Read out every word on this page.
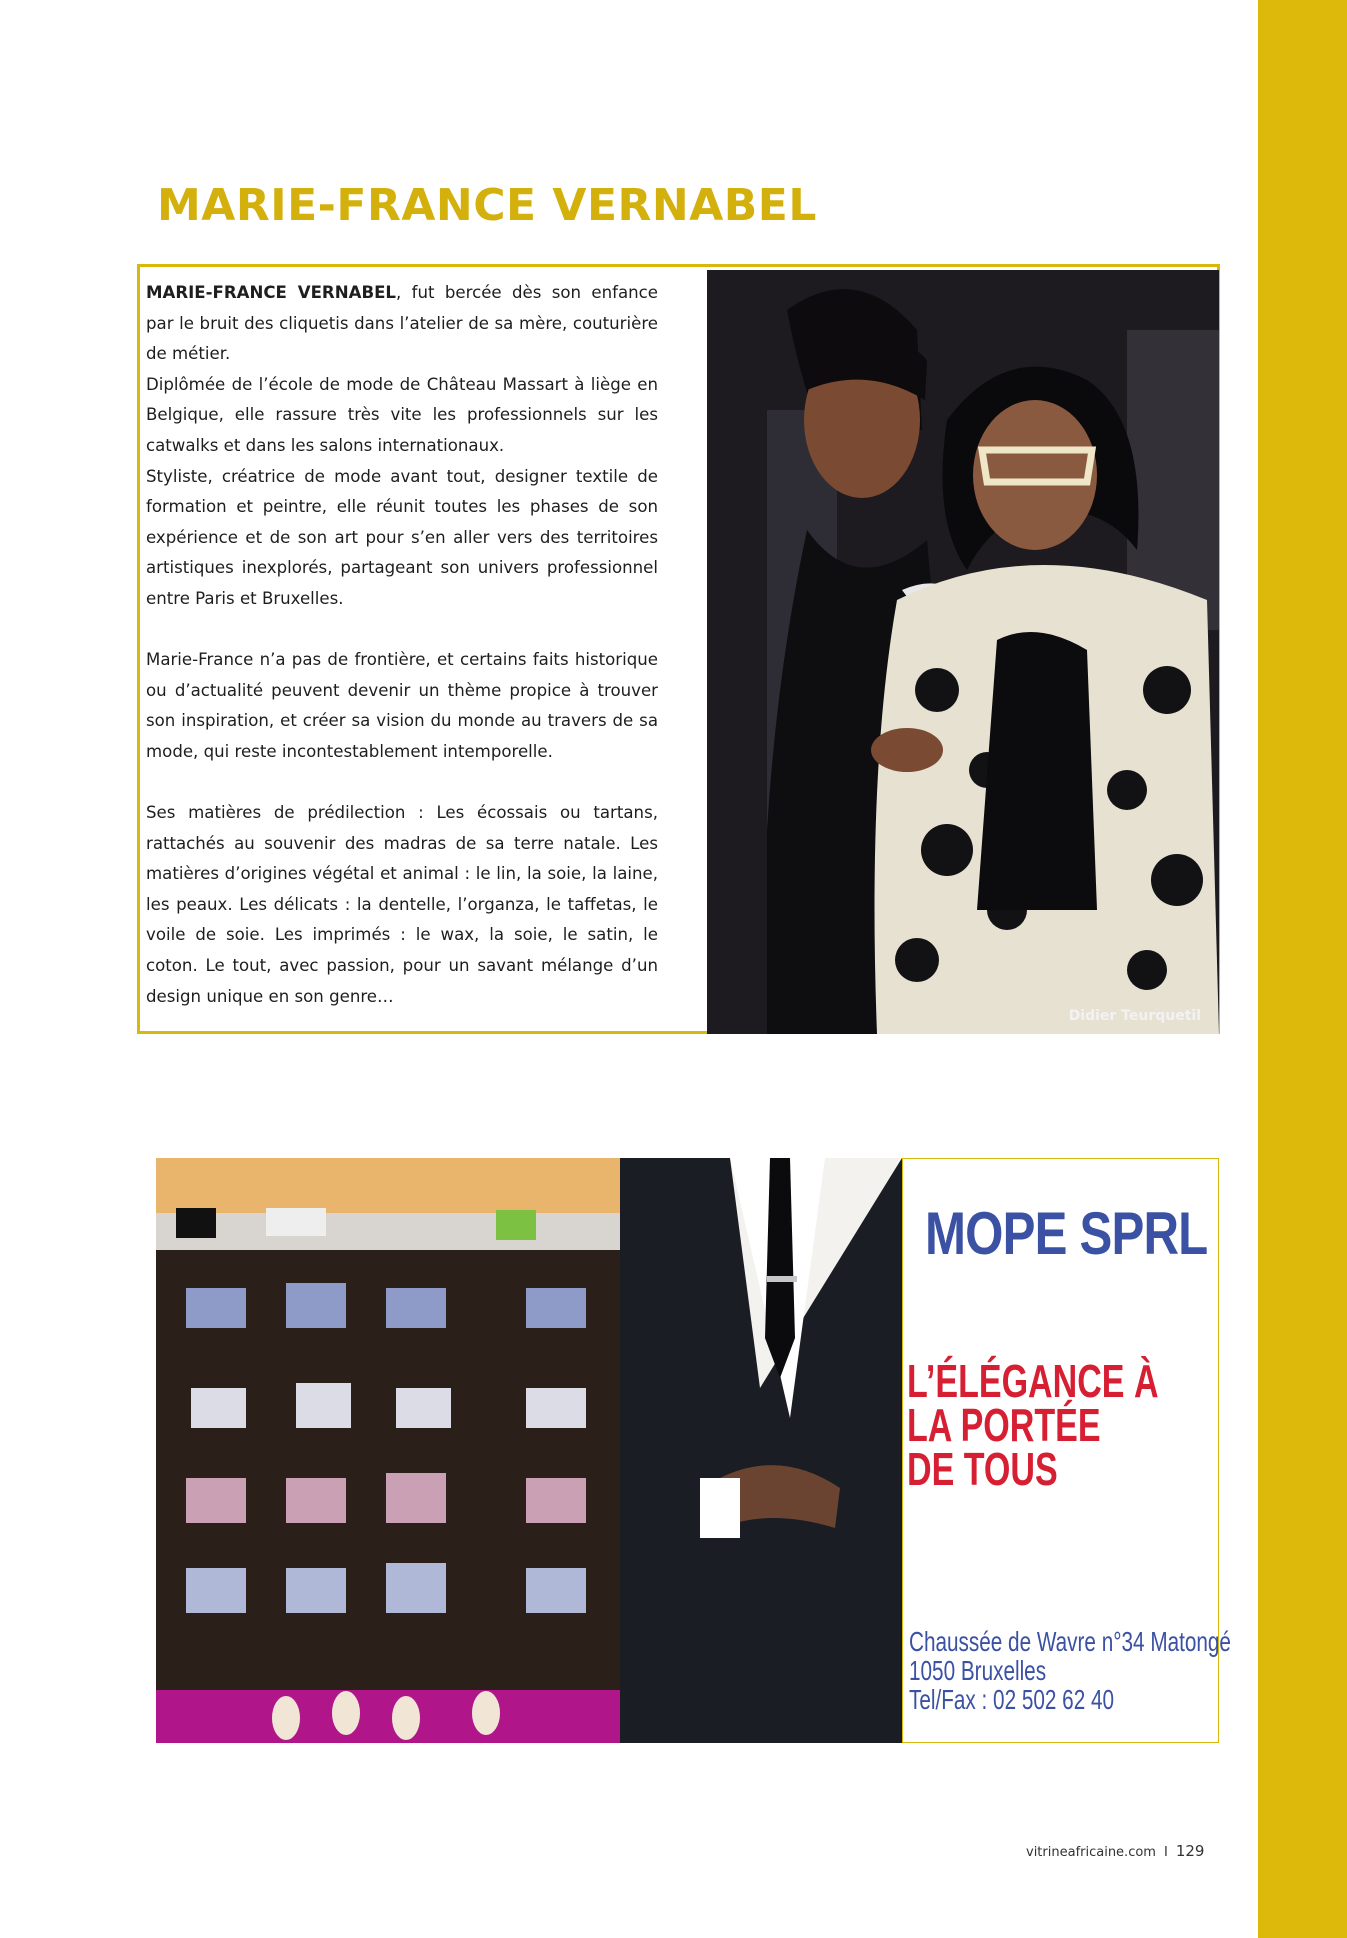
MARIE-FRANCE VERNABEL

MARIE-FRANCE VERNABEL, fut bercée dès son enfance par le bruit des cliquetis dans l’atelier de sa mère, couturière de métier.
Diplômée de l’école de mode de Château Massart à liège en Belgique, elle rassure très vite les professionnels sur les catwalks et dans les salons internationaux.
Styliste, créatrice de mode avant tout, designer textile de formation et peintre, elle réunit toutes les phases de son expérience et de son art pour s’en aller vers des territoires artistiques inexplorés, partageant son univers professionnel entre Paris et Bruxelles.

Marie-France n’a pas de frontière, et certains faits historique ou d’actualité peuvent devenir un thème propice à trouver son inspiration, et créer sa vision du monde au travers de sa mode, qui reste incontestablement intemporelle.

Ses matières de prédilection : Les écossais ou tartans, rattachés au souvenir des madras de sa terre natale. Les matières d’origines végétal et animal : le lin, la soie, la laine, les peaux. Les délicats : la dentelle, l’organza, le taffetas, le voile de soie. Les imprimés : le wax, la soie, le satin, le coton. Le tout, avec passion, pour un savant mélange d’un design unique en son genre…

Didier Teurquetil
MOPE SPRL
L’ÉLÉGANCE À
LA PORTÉE
DE TOUS
Chaussée de Wavre n°34 Matongé
1050 Bruxelles
Tel/Fax : 02 502 62 40
vitrineafricaine.com I 129
